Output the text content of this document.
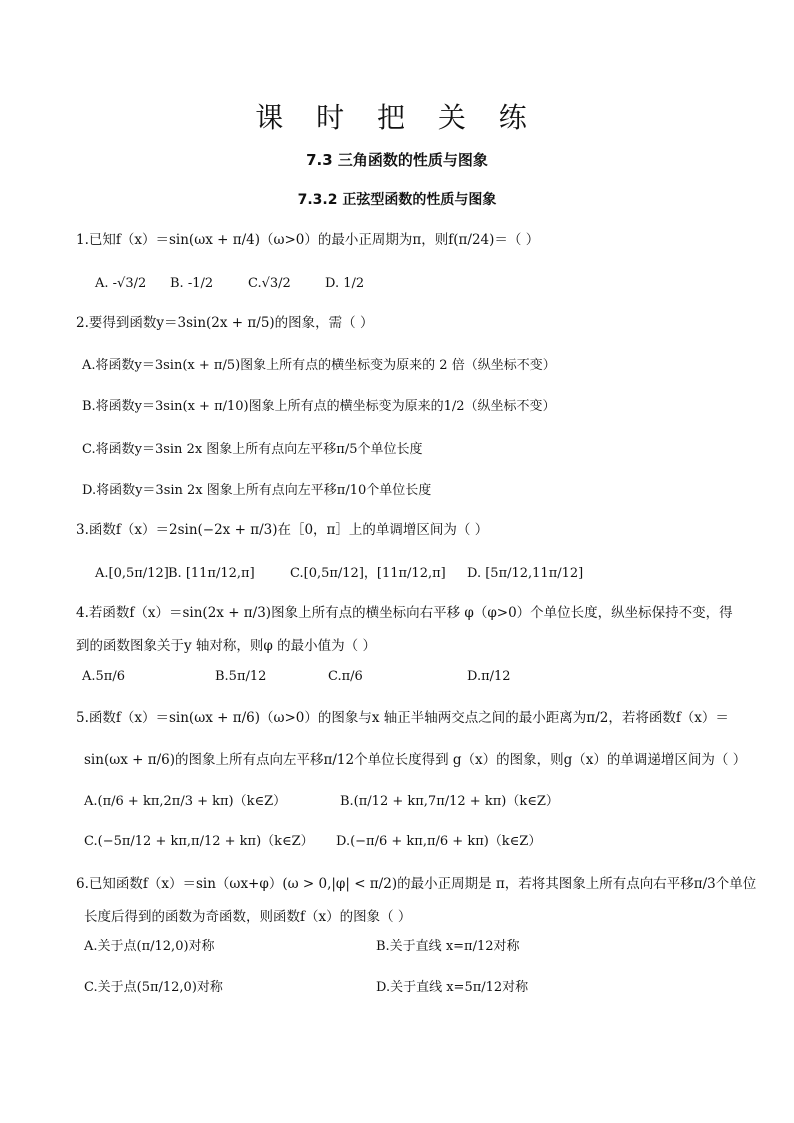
课 时 把 关 练
7.3 三角函数的性质与图象
7.3.2 正弦型函数的性质与图象
1.已知f（x）＝sin(ωx + π/4)（ω>0）的最小正周期为π，则f(π/24)＝（ ）
A. -√3/2 B. -1/2	C.√3/2	D. 1/2
2.要得到函数y＝3sin(2x + π/5)的图象，需（ ）
A.将函数y＝3sin(x + π/5)图象上所有点的横坐标变为原来的 2 倍（纵坐标不变）
B.将函数y＝3sin(x + π/10)图象上所有点的横坐标变为原来的1/2（纵坐标不变）
C.将函数y＝3sin 2x 图象上所有点向左平移π/5个单位长度
D.将函数y＝3sin 2x 图象上所有点向左平移π/10个单位长度
3.函数f（x）＝2sin(−2x + π/3)在［0，π］上的单调增区间为（ ）
A.[0,5π/12] B. [11π/12,π]	C.[0,5π/12]，[11π/12,π] D. [5π/12,11π/12]
4.若函数f（x）＝sin(2x + π/3)图象上所有点的横坐标向右平移 φ（φ>0）个单位长度，纵坐标保持不变，得
到的函数图象关于y 轴对称，则φ 的最小值为（ ）
A.5π/6	B.5π/12	C.π/6	D.π/12
5.函数f（x）＝sin(ωx + π/6)（ω>0）的图象与x 轴正半轴两交点之间的最小距离为π/2，若将函数f（x）＝
sin(ωx + π/6)的图象上所有点向左平移π/12个单位长度得到 g（x）的图象，则g（x）的单调递增区间为（ ）
A.(π/6 + kπ,2π/3 + kπ)（k∈Z）	B.(π/12 + kπ,7π/12 + kπ)（k∈Z）
C.(−5π/12 + kπ,π/12 + kπ)（k∈Z） D.(−π/6 + kπ,π/6 + kπ)（k∈Z）
6.已知函数f（x）＝sin（ωx+φ）(ω > 0,|φ| < π/2)的最小正周期是 π，若将其图象上所有点向右平移π/3个单位
长度后得到的函数为奇函数，则函数f（x）的图象（ ）
A.关于点(π/12,0)对称	B.关于直线 x=π/12对称
C.关于点(5π/12,0)对称	D.关于直线 x=5π/12对称
